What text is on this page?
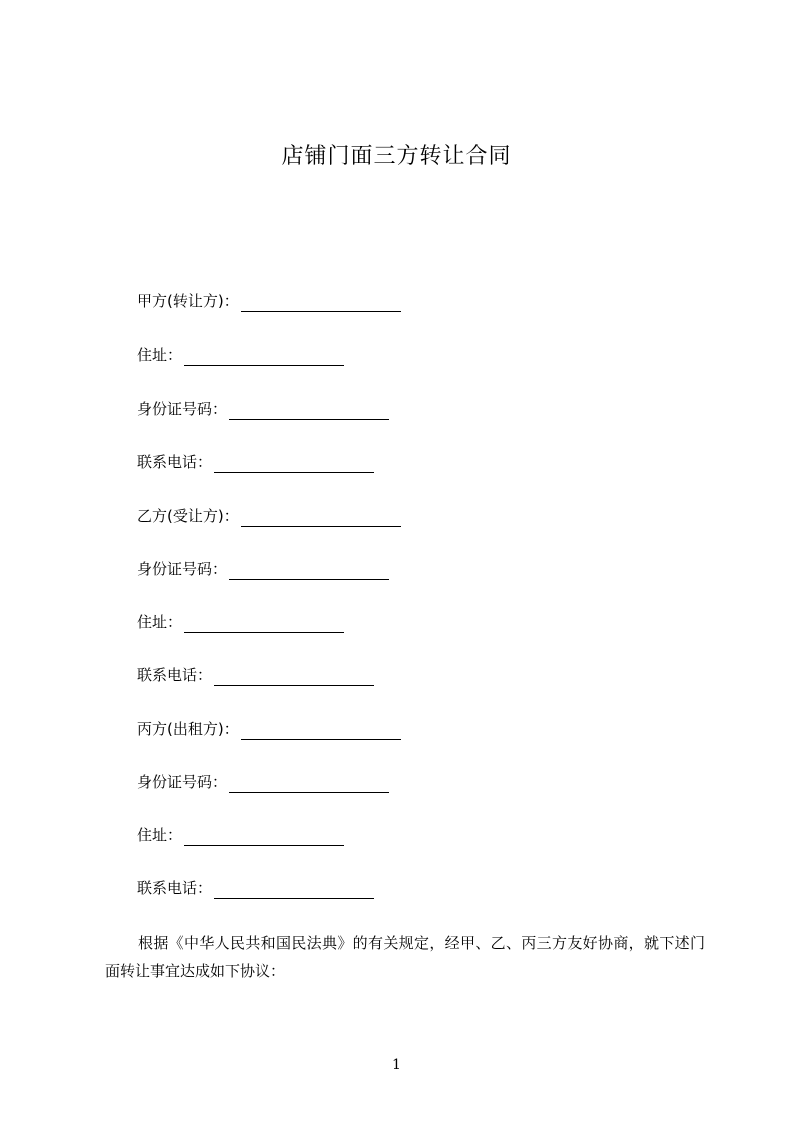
店铺门面三方转让合同
甲方(转让方)：
住址：
身份证号码：
联系电话：
乙方(受让方)：
身份证号码：
住址：
联系电话：
丙方(出租方)：
身份证号码：
住址：
联系电话：
根据《中华人民共和国民法典》的有关规定，经甲、乙、丙三方友好协商，就下述门面转让事宜达成如下协议：
1
